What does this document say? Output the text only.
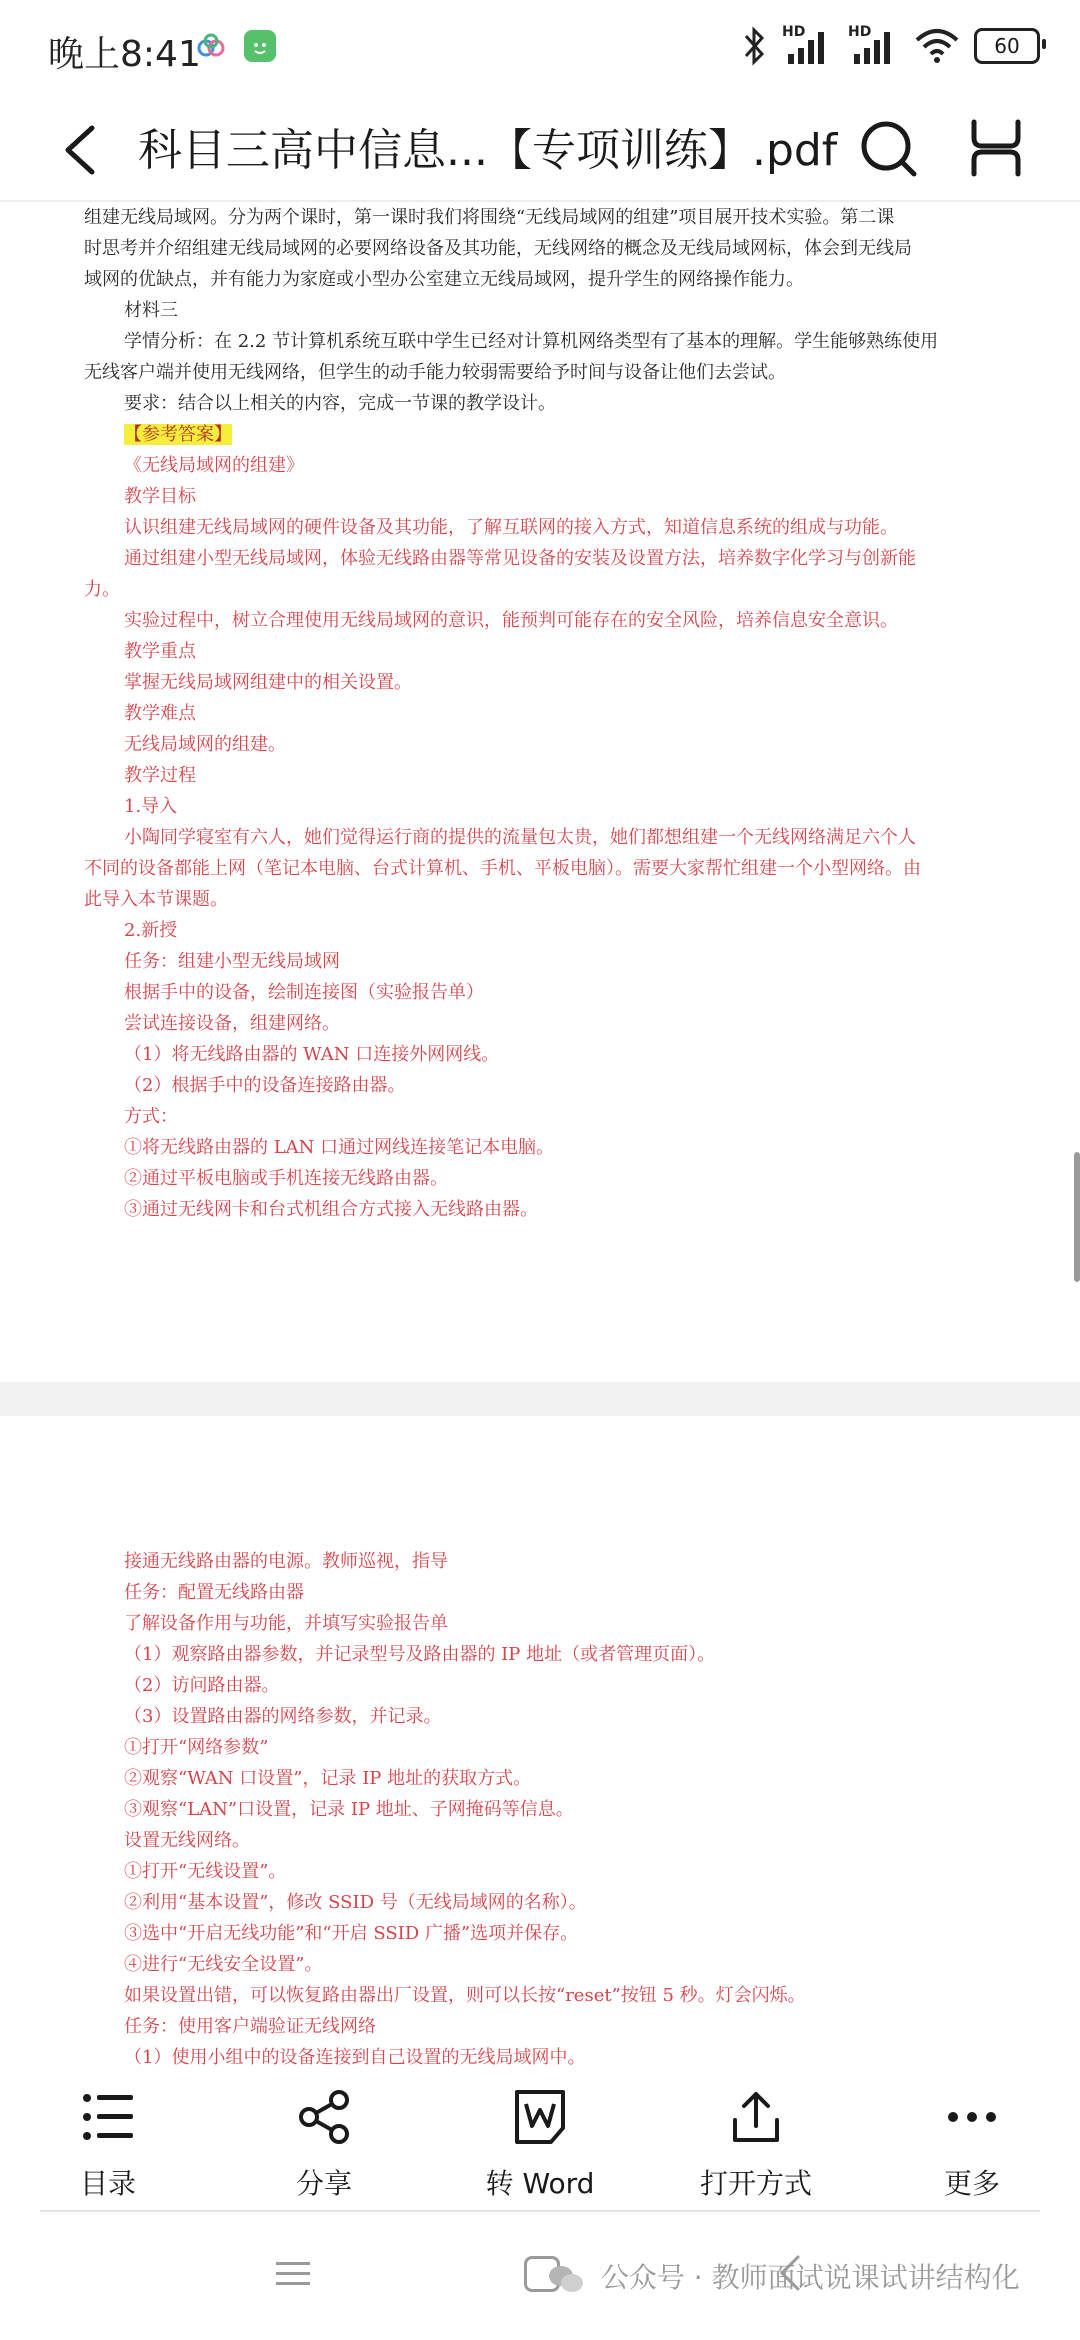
晚上8:41
HD	HD
60
科目三高中信息...【专项训练】.pdf
组建无线局域网。分为两个课时，第一课时我们将围绕“无线局域网的组建”项目展开技术实验。第二课
时思考并介绍组建无线局域网的必要网络设备及其功能，无线网络的概念及无线局域网标，体会到无线局
域网的优缺点，并有能力为家庭或小型办公室建立无线局域网，提升学生的网络操作能力。
材料三
学情分析：在 2.2 节计算机系统互联中学生已经对计算机网络类型有了基本的理解。学生能够熟练使用
无线客户端并使用无线网络，但学生的动手能力较弱需要给予时间与设备让他们去尝试。
要求：结合以上相关的内容，完成一节课的教学设计。
【参考答案】
《无线局域网的组建》
教学目标
认识组建无线局域网的硬件设备及其功能，了解互联网的接入方式，知道信息系统的组成与功能。
通过组建小型无线局域网，体验无线路由器等常见设备的安装及设置方法，培养数字化学习与创新能
力。
实验过程中，树立合理使用无线局域网的意识，能预判可能存在的安全风险，培养信息安全意识。
教学重点
掌握无线局域网组建中的相关设置。
教学难点
无线局域网的组建。
教学过程
1.导入
小陶同学寝室有六人，她们觉得运行商的提供的流量包太贵，她们都想组建一个无线网络满足六个人
不同的设备都能上网（笔记本电脑、台式计算机、手机、平板电脑）。需要大家帮忙组建一个小型网络。由
此导入本节课题。
2.新授
任务：组建小型无线局域网
根据手中的设备，绘制连接图（实验报告单）
尝试连接设备，组建网络。
（1）将无线路由器的 WAN 口连接外网网线。
（2）根据手中的设备连接路由器。
方式：
①将无线路由器的 LAN 口通过网线连接笔记本电脑。
②通过平板电脑或手机连接无线路由器。
③通过无线网卡和台式机组合方式接入无线路由器。
接通无线路由器的电源。教师巡视，指导
任务：配置无线路由器
了解设备作用与功能，并填写实验报告单
（1）观察路由器参数，并记录型号及路由器的 IP 地址（或者管理页面）。
（2）访问路由器。
（3）设置路由器的网络参数，并记录。
①打开“网络参数”
②观察“WAN 口设置”，记录 IP 地址的获取方式。
③观察“LAN”口设置，记录 IP 地址、子网掩码等信息。
设置无线网络。
①打开“无线设置”。
②利用“基本设置”，修改 SSID 号（无线局域网的名称）。
③选中“开启无线功能”和“开启 SSID 广播”选项并保存。
④进行“无线安全设置”。
如果设置出错，可以恢复路由器出厂设置，则可以长按“reset”按钮 5 秒。灯会闪烁。
任务：使用客户端验证无线网络
（1）使用小组中的设备连接到自己设置的无线局域网中。
目录	分享	转 Word	打开方式	更多
公众号 · 教师面试说课试讲结构化
